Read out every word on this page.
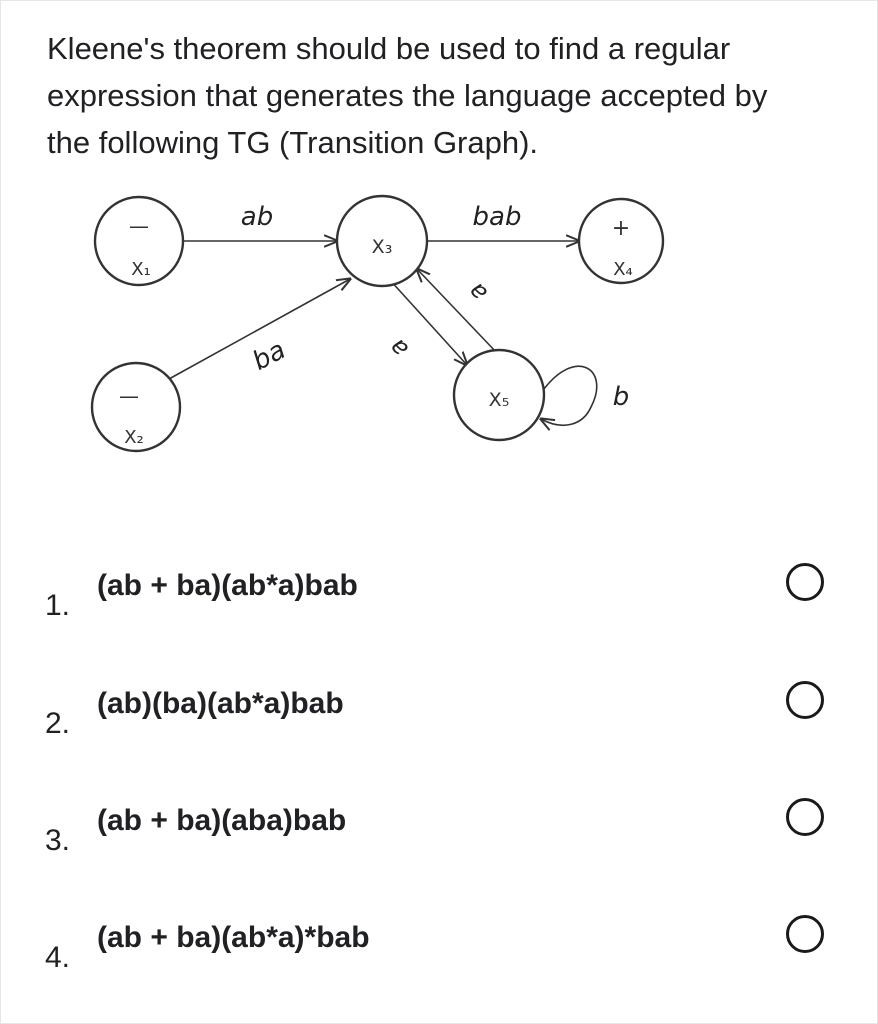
Kleene's theorem should be used to find a regular
expression that generates the language accepted by
the following TG (Transition Graph).
—
X₁
—
X₂
X₃
+
X₄
X₅
ab	bab
ba	a
a
b
1.
(ab + ba)(ab*a)bab
2.
(ab)(ba)(ab*a)bab
3.
(ab + ba)(aba)bab
4.
(ab + ba)(ab*a)*bab
